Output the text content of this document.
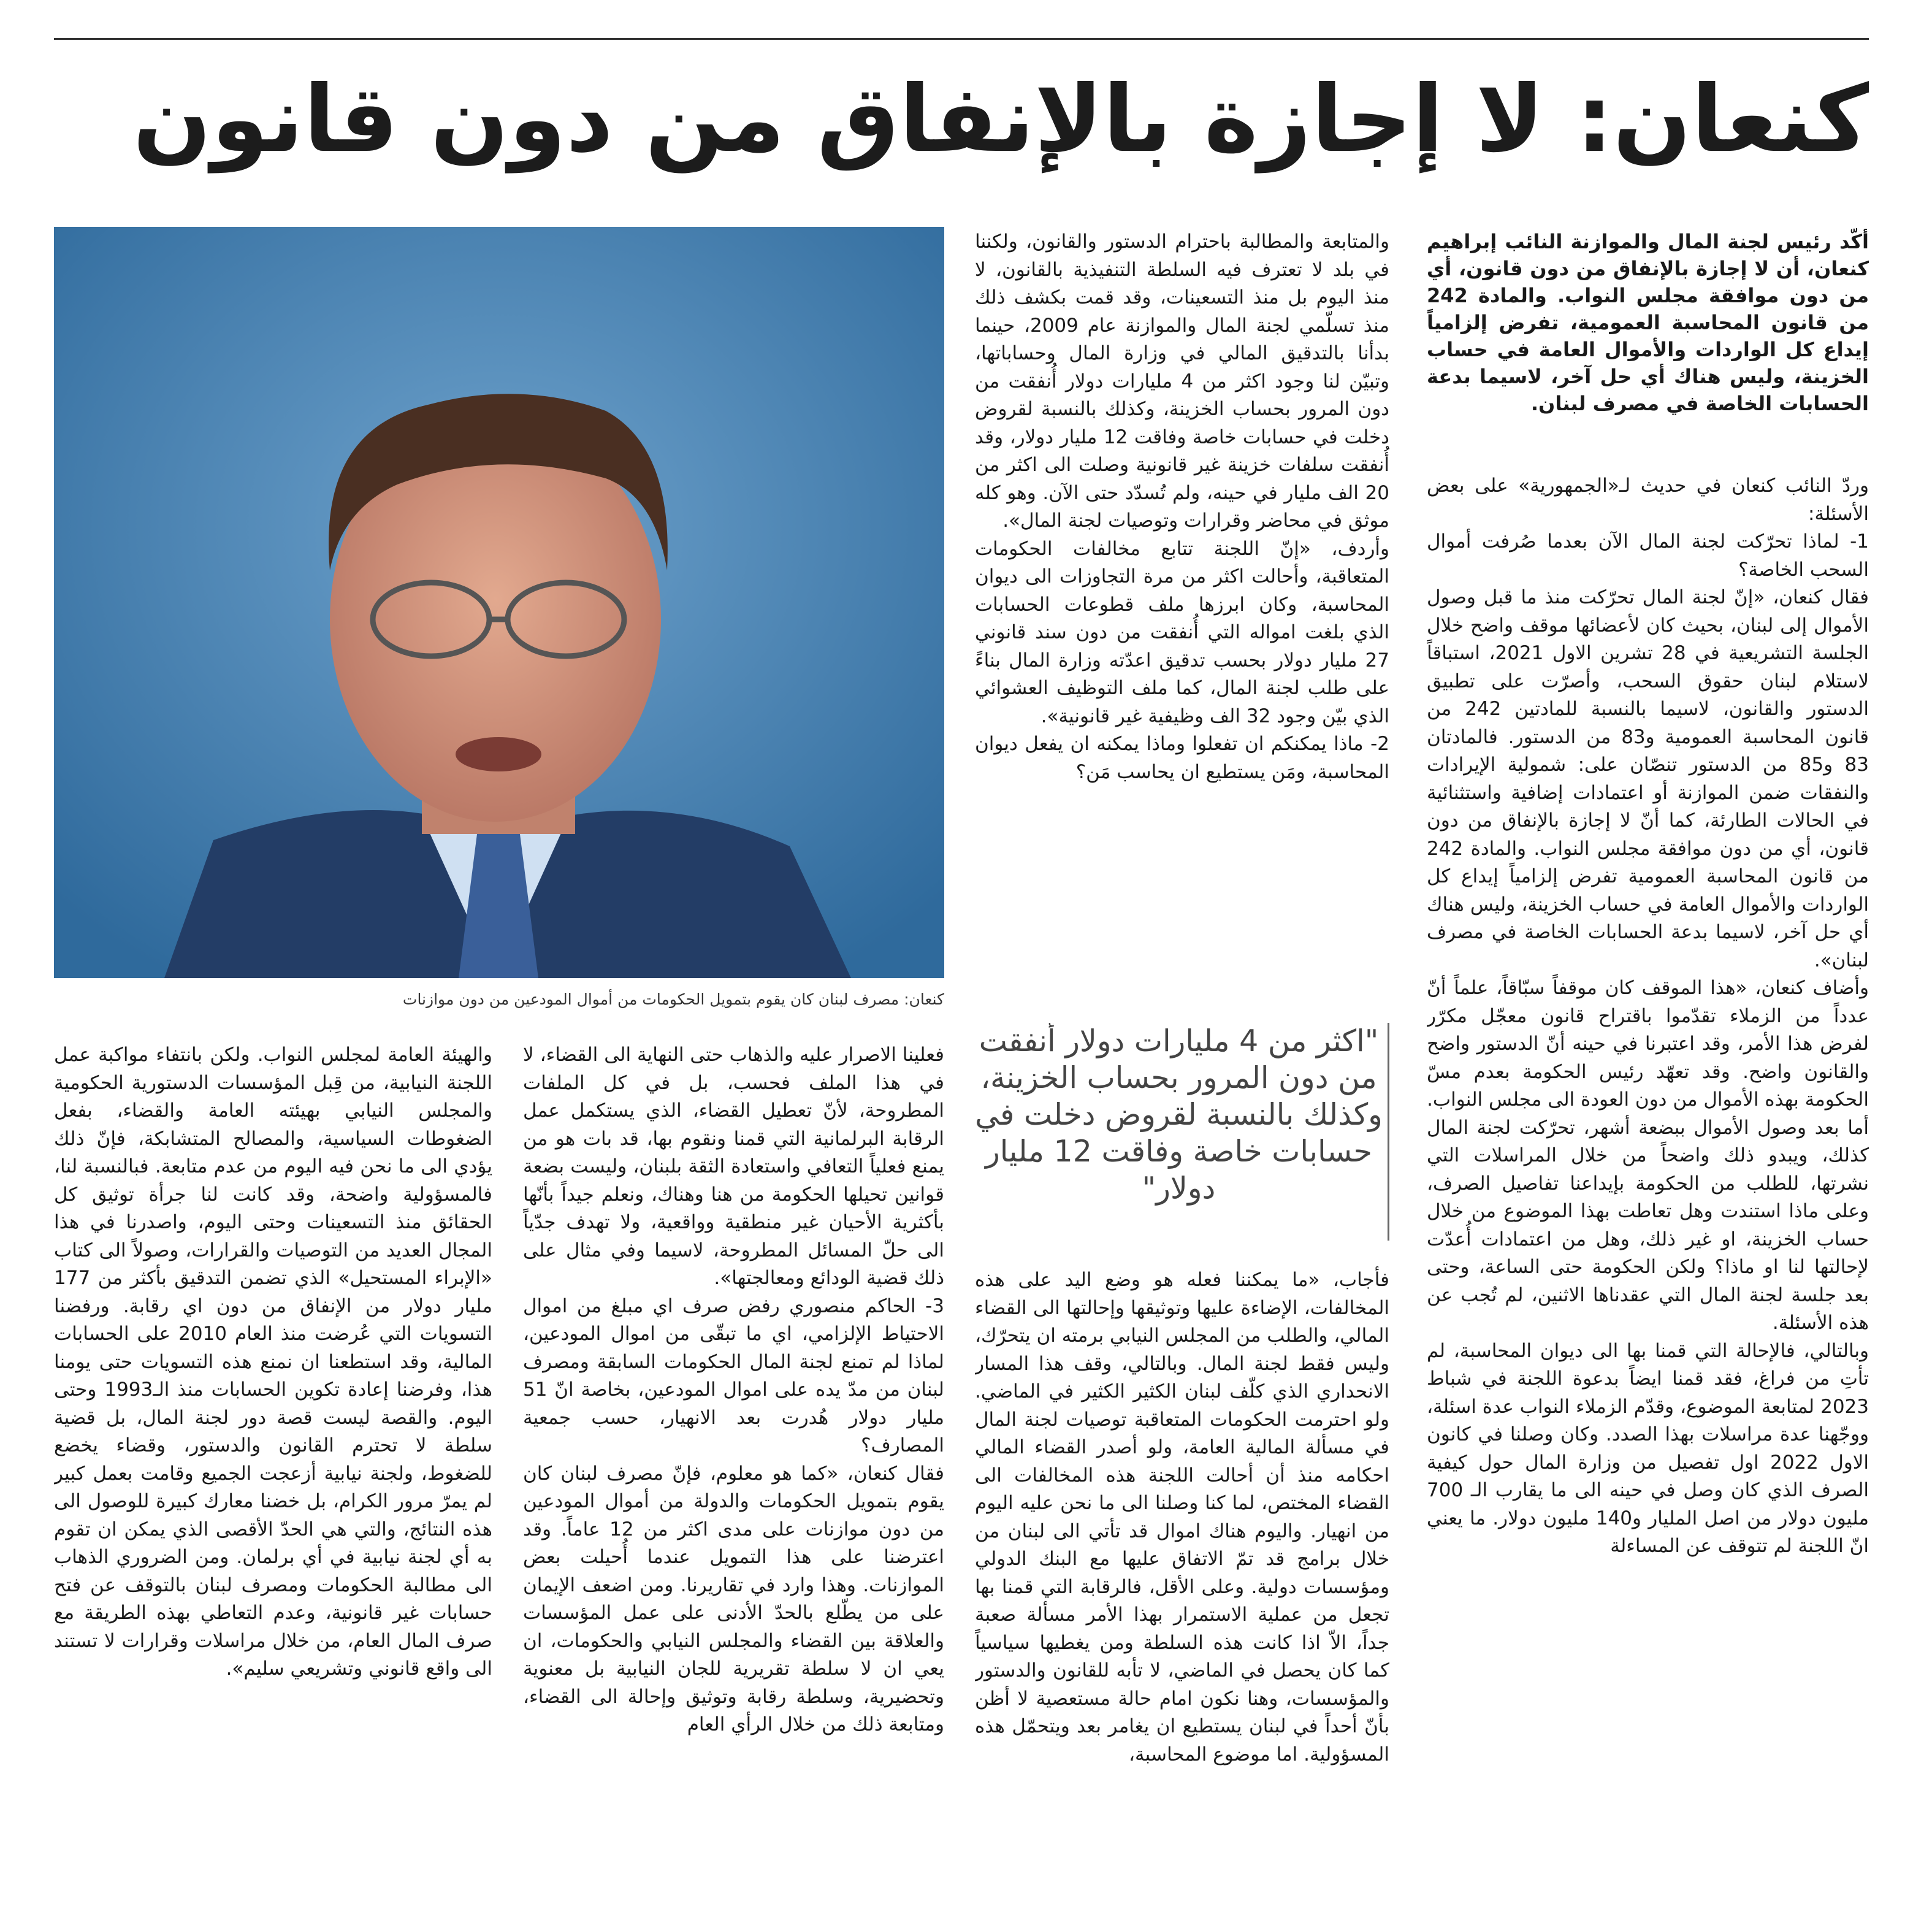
كنعان: لا إجازة بالإنفاق من دون قانون

أكّد رئيس لجنة المال والموازنة النائب إبراهيم كنعان، أن لا إجازة بالإنفاق من دون قانون، أي من دون موافقة مجلس النواب. والمادة 242 من قانون المحاسبة العمومية، تفرض إلزامياً إيداع كل الواردات والأموال العامة في حساب الخزينة، وليس هناك أي حل آخر، لاسيما بدعة الحسابات الخاصة في مصرف لبنان.

وردّ النائب كنعان في حديث لـ«الجمهورية» على بعض الأسئلة:

1- لماذا تحرّكت لجنة المال الآن بعدما صُرفت أموال السحب الخاصة؟

فقال كنعان، «إنّ لجنة المال تحرّكت منذ ما قبل وصول الأموال إلى لبنان، بحيث كان لأعضائها موقف واضح خلال الجلسة التشريعية في 28 تشرين الاول 2021، استباقاً لاستلام لبنان حقوق السحب، وأصرّت على تطبيق الدستور والقانون، لاسيما بالنسبة للمادتين 242 من قانون المحاسبة العمومية و83 من الدستور. فالمادتان 83 و85 من الدستور تنصّان على: شمولية الإيرادات والنفقات ضمن الموازنة أو اعتمادات إضافية واستثنائية في الحالات الطارئة، كما أنّ لا إجازة بالإنفاق من دون قانون، أي من دون موافقة مجلس النواب. والمادة 242 من قانون المحاسبة العمومية تفرض إلزامياً إيداع كل الواردات والأموال العامة في حساب الخزينة، وليس هناك أي حل آخر، لاسيما بدعة الحسابات الخاصة في مصرف لبنان».

وأضاف كنعان، «هذا الموقف كان موقفاً سبّاقاً، علماً أنّ عدداً من الزملاء تقدّموا باقتراح قانون معجّل مكرّر لفرض هذا الأمر، وقد اعتبرنا في حينه أنّ الدستور واضح والقانون واضح. وقد تعهّد رئيس الحكومة بعدم مسّ الحكومة بهذه الأموال من دون العودة الى مجلس النواب.

أما بعد وصول الأموال ببضعة أشهر، تحرّكت لجنة المال كذلك، ويبدو ذلك واضحاً من خلال المراسلات التي نشرتها، للطلب من الحكومة بإيداعنا تفاصيل الصرف، وعلى ماذا استندت وهل تعاطت بهذا الموضوع من خلال حساب الخزينة، او غير ذلك، وهل من اعتمادات أُعدّت لإحالتها لنا او ماذا؟ ولكن الحكومة حتى الساعة، وحتى بعد جلسة لجنة المال التي عقدناها الاثنين، لم تُجب عن هذه الأسئلة.

وبالتالي، فالإحالة التي قمنا بها الى ديوان المحاسبة، لم تأتِ من فراغ، فقد قمنا ايضاً بدعوة اللجنة في شباط 2023 لمتابعة الموضوع، وقدّم الزملاء النواب عدة اسئلة، ووجّهنا عدة مراسلات بهذا الصدد. وكان وصلنا في كانون الاول 2022 اول تفصيل من وزارة المال حول كيفية الصرف الذي كان وصل في حينه الى ما يقارب الـ 700 مليون دولار من اصل المليار و140 مليون دولار. ما يعني انّ اللجنة لم تتوقف عن المساءلة

والمتابعة والمطالبة باحترام الدستور والقانون، ولكننا في بلد لا تعترف فيه السلطة التنفيذية بالقانون، لا منذ اليوم بل منذ التسعينات، وقد قمت بكشف ذلك منذ تسلّمي لجنة المال والموازنة عام 2009، حينما بدأنا بالتدقيق المالي في وزارة المال وحساباتها، وتبيّن لنا وجود اكثر من 4 مليارات دولار أُنفقت من دون المرور بحساب الخزينة، وكذلك بالنسبة لقروض دخلت في حسابات خاصة وفاقت 12 مليار دولار، وقد أُنفقت سلفات خزينة غير قانونية وصلت الى اكثر من 20 الف مليار في حينه، ولم تُسدّد حتى الآن. وهو كله موثق في محاضر وقرارات وتوصيات لجنة المال».

وأردف، «إنّ اللجنة تتابع مخالفات الحكومات المتعاقبة، وأحالت اكثر من مرة التجاوزات الى ديوان المحاسبة، وكان ابرزها ملف قطوعات الحسابات الذي بلغت امواله التي أُنفقت من دون سند قانوني 27 مليار دولار بحسب تدقيق اعدّته وزارة المال بناءً على طلب لجنة المال، كما ملف التوظيف العشوائي الذي بيّن وجود 32 الف وظيفية غير قانونية».

2- ماذا يمكنكم ان تفعلوا وماذا يمكنه ان يفعل ديوان المحاسبة، ومَن يستطيع ان يحاسب مَن؟

كنعان: مصرف لبنان كان يقوم بتمويل الحكومات من أموال المودعين من دون موازنات
"اكثر من 4 مليارات دولار أُنفقت من دون المرور بحساب الخزينة، وكذلك بالنسبة لقروض دخلت في حسابات خاصة وفاقت 12 مليار دولار"

فأجاب، «ما يمكننا فعله هو وضع اليد على هذه المخالفات، الإضاءة عليها وتوثيقها وإحالتها الى القضاء المالي، والطلب من المجلس النيابي برمته ان يتحرّك، وليس فقط لجنة المال. وبالتالي، وقف هذا المسار الانحداري الذي كلّف لبنان الكثير الكثير في الماضي. ولو احترمت الحكومات المتعاقبة توصيات لجنة المال في مسألة المالية العامة، ولو أصدر القضاء المالي احكامه منذ أن أحالت اللجنة هذه المخالفات الى القضاء المختص، لما كنا وصلنا الى ما نحن عليه اليوم من انهيار. واليوم هناك اموال قد تأتي الى لبنان من خلال برامج قد تمّ الاتفاق عليها مع البنك الدولي ومؤسسات دولية. وعلى الأقل، فالرقابة التي قمنا بها تجعل من عملية الاستمرار بهذا الأمر مسألة صعبة جداً، الاّ اذا كانت هذه السلطة ومن يغطيها سياسياً كما كان يحصل في الماضي، لا تأبه للقانون والدستور والمؤسسات، وهنا نكون امام حالة مستعصية لا أظن بأنّ أحداً في لبنان يستطيع ان يغامر بعد ويتحمّل هذه المسؤولية. اما موضوع المحاسبة،

فعلينا الاصرار عليه والذهاب حتى النهاية الى القضاء، لا في هذا الملف فحسب، بل في كل الملفات المطروحة، لأنّ تعطيل القضاء، الذي يستكمل عمل الرقابة البرلمانية التي قمنا ونقوم بها، قد بات هو من يمنع فعلياً التعافي واستعادة الثقة بلبنان، وليست بضعة قوانين تحيلها الحكومة من هنا وهناك، ونعلم جيداً بأنّها بأكثرية الأحيان غير منطقية وواقعية، ولا تهدف جدّياً الى حلّ المسائل المطروحة، لاسيما وفي مثال على ذلك قضية الودائع ومعالجتها».

3- الحاكم منصوري رفض صرف اي مبلغ من اموال الاحتياط الإلزامي، اي ما تبقّى من اموال المودعين، لماذا لم تمنع لجنة المال الحكومات السابقة ومصرف لبنان من مدّ يده على اموال المودعين، بخاصة انّ 51 مليار دولار هُدرت بعد الانهيار، حسب جمعية المصارف؟

فقال كنعان، «كما هو معلوم، فإنّ مصرف لبنان كان يقوم بتمويل الحكومات والدولة من أموال المودعين من دون موازنات على مدى اكثر من 12 عاماً. وقد اعترضنا على هذا التمويل عندما أُحيلت بعض الموازنات. وهذا وارد في تقاريرنا. ومن اضعف الإيمان على من يطّلع بالحدّ الأدنى على عمل المؤسسات والعلاقة بين القضاء والمجلس النيابي والحكومات، ان يعي ان لا سلطة تقريرية للجان النيابية بل معنوية وتحضيرية، وسلطة رقابة وتوثيق وإحالة الى القضاء، ومتابعة ذلك من خلال الرأي العام

والهيئة العامة لمجلس النواب. ولكن بانتفاء مواكبة عمل اللجنة النيابية، من قِبل المؤسسات الدستورية الحكومية والمجلس النيابي بهيئته العامة والقضاء، بفعل الضغوطات السياسية، والمصالح المتشابكة، فإنّ ذلك يؤدي الى ما نحن فيه اليوم من عدم متابعة. فبالنسبة لنا، فالمسؤولية واضحة، وقد كانت لنا جرأة توثيق كل الحقائق منذ التسعينات وحتى اليوم، واصدرنا في هذا المجال العديد من التوصيات والقرارات، وصولاً الى كتاب «الإبراء المستحيل» الذي تضمن التدقيق بأكثر من 177 مليار دولار من الإنفاق من دون اي رقابة. ورفضنا التسويات التي عُرضت منذ العام 2010 على الحسابات المالية، وقد استطعنا ان نمنع هذه التسويات حتى يومنا هذا، وفرضنا إعادة تكوين الحسابات منذ الـ1993 وحتى اليوم. والقصة ليست قصة دور لجنة المال، بل قضية سلطة لا تحترم القانون والدستور، وقضاء يخضع للضغوط، ولجنة نيابية أزعجت الجميع وقامت بعمل كبير لم يمرّ مرور الكرام، بل خضنا معارك كبيرة للوصول الى هذه النتائج، والتي هي الحدّ الأقصى الذي يمكن ان تقوم به أي لجنة نيابية في أي برلمان. ومن الضروري الذهاب الى مطالبة الحكومات ومصرف لبنان بالتوقف عن فتح حسابات غير قانونية، وعدم التعاطي بهذه الطريقة مع صرف المال العام، من خلال مراسلات وقرارات لا تستند الى واقع قانوني وتشريعي سليم».
